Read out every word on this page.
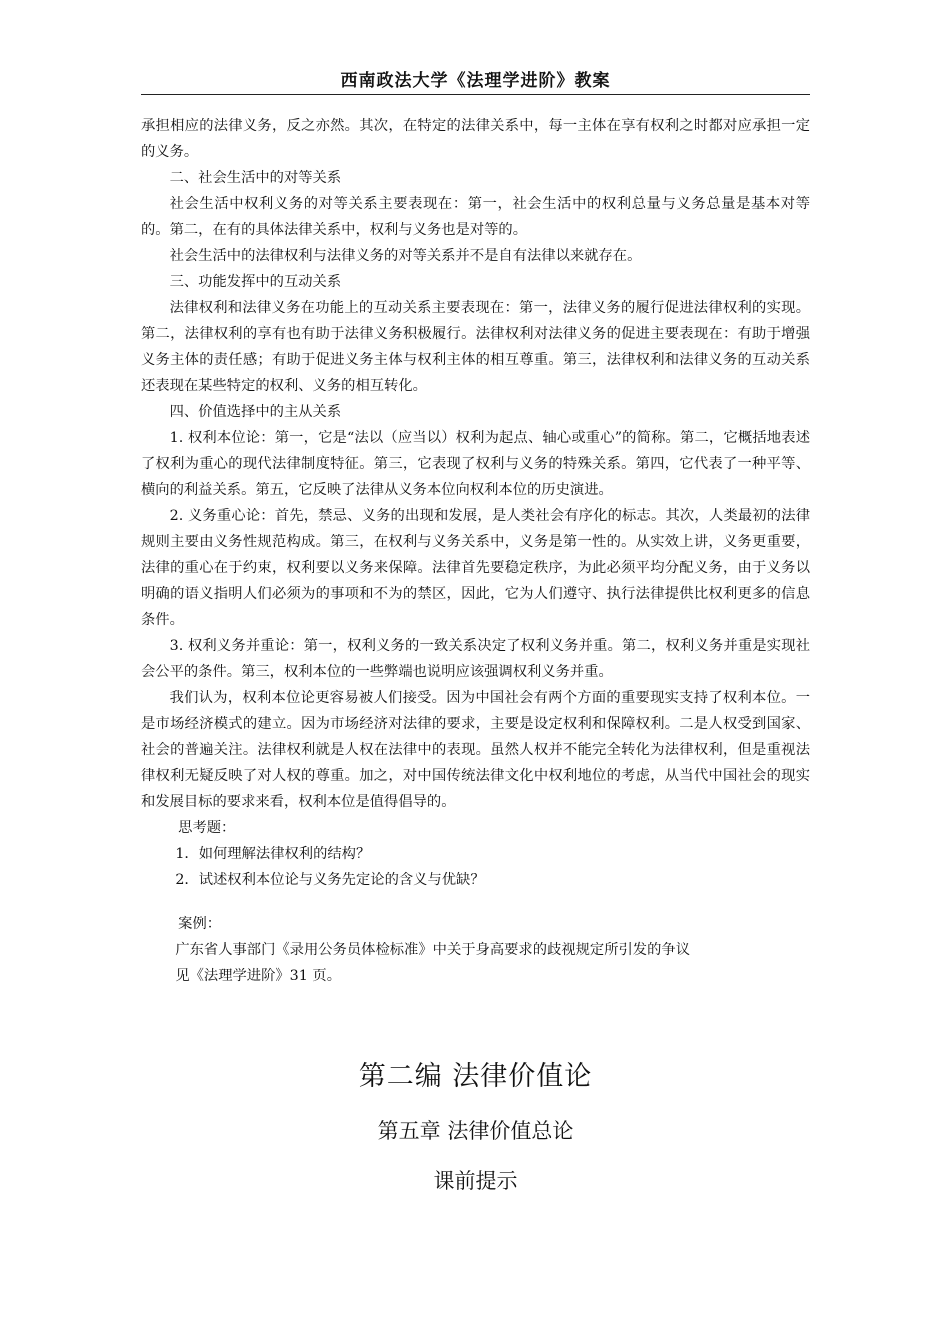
西南政法大学《法理学进阶》教案

承担相应的法律义务，反之亦然。其次，在特定的法律关系中，每一主体在享有权利之时都对应承担一定的义务。

二、社会生活中的对等关系

社会生活中权利义务的对等关系主要表现在：第一，社会生活中的权利总量与义务总量是基本对等的。第二，在有的具体法律关系中，权利与义务也是对等的。

社会生活中的法律权利与法律义务的对等关系并不是自有法律以来就存在。

三、功能发挥中的互动关系

法律权利和法律义务在功能上的互动关系主要表现在：第一，法律义务的履行促进法律权利的实现。第二，法律权利的享有也有助于法律义务积极履行。法律权利对法律义务的促进主要表现在：有助于增强义务主体的责任感；有助于促进义务主体与权利主体的相互尊重。第三，法律权利和法律义务的互动关系还表现在某些特定的权利、义务的相互转化。

四、价值选择中的主从关系

1. 权利本位论：第一，它是“法以（应当以）权利为起点、轴心或重心”的简称。第二，它概括地表述了权利为重心的现代法律制度特征。第三，它表现了权利与义务的特殊关系。第四，它代表了一种平等、横向的利益关系。第五，它反映了法律从义务本位向权利本位的历史演进。

2. 义务重心论：首先，禁忌、义务的出现和发展，是人类社会有序化的标志。其次，人类最初的法律规则主要由义务性规范构成。第三，在权利与义务关系中，义务是第一性的。从实效上讲，义务更重要，法律的重心在于约束，权利要以义务来保障。法律首先要稳定秩序，为此必须平均分配义务，由于义务以明确的语义指明人们必须为的事项和不为的禁区，因此，它为人们遵守、执行法律提供比权利更多的信息条件。

3. 权利义务并重论：第一，权利义务的一致关系决定了权利义务并重。第二，权利义务并重是实现社会公平的条件。第三，权利本位的一些弊端也说明应该强调权利义务并重。

我们认为，权利本位论更容易被人们接受。因为中国社会有两个方面的重要现实支持了权利本位。一是市场经济模式的建立。因为市场经济对法律的要求，主要是设定权利和保障权利。二是人权受到国家、社会的普遍关注。法律权利就是人权在法律中的表现。虽然人权并不能完全转化为法律权利，但是重视法律权利无疑反映了对人权的尊重。加之，对中国传统法律文化中权利地位的考虑，从当代中国社会的现实和发展目标的要求来看，权利本位是值得倡导的。

思考题：

1．如何理解法律权利的结构？

2．试述权利本位论与义务先定论的含义与优缺？

案例：

广东省人事部门《录用公务员体检标准》中关于身高要求的歧视规定所引发的争议

见《法理学进阶》31 页。

第二编 法律价值论
第五章 法律价值总论
课前提示
